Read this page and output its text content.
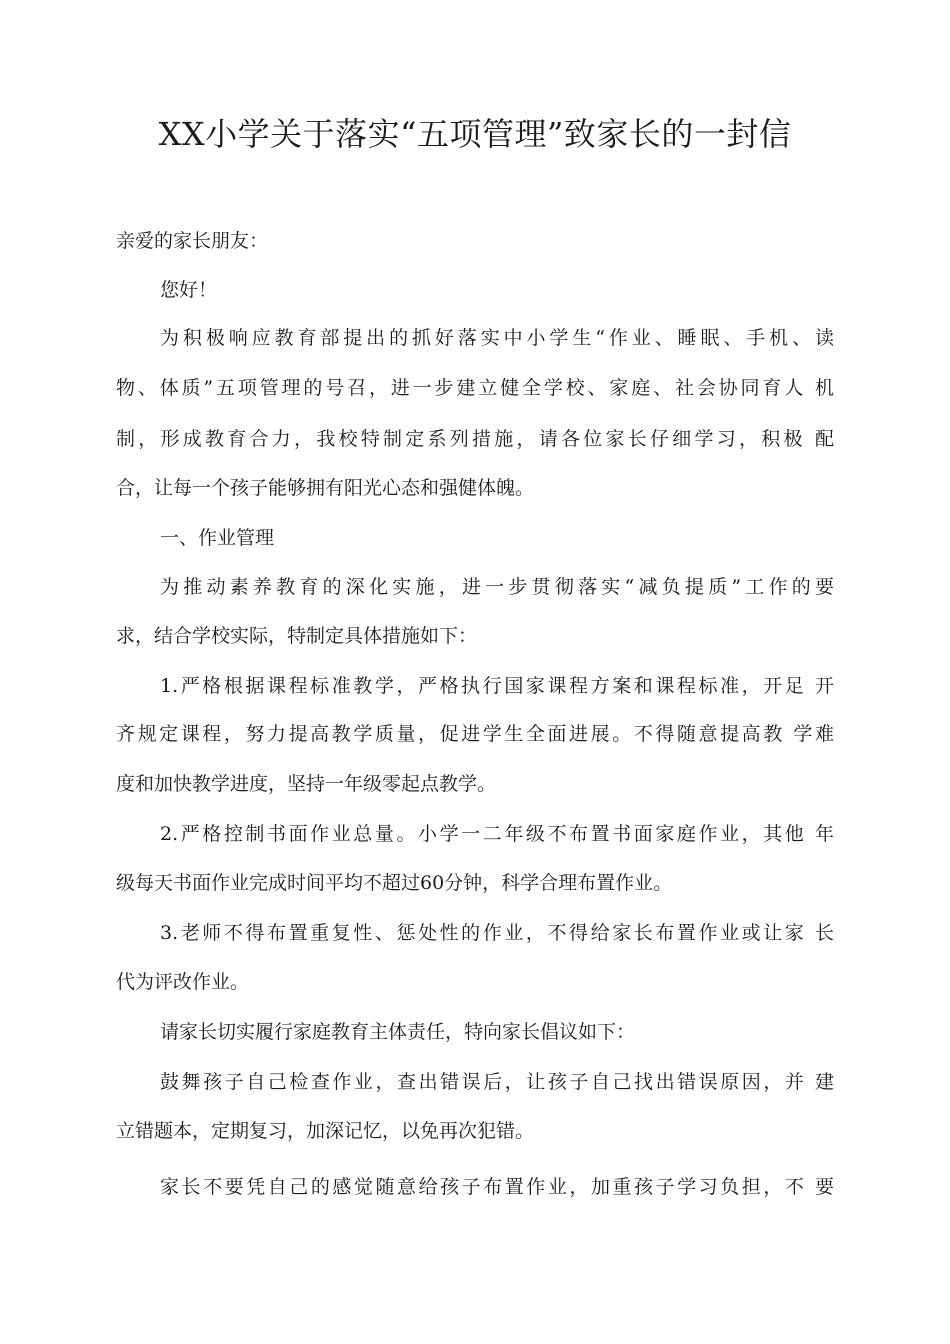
XX小学关于落实“五项管理”致家长的一封信
亲爱的家长朋友：
您好！
为积极响应教育部提出的抓好落实中小学生“作业、睡眠、手机、读
物、体质”五项管理的号召，进一步建立健全学校、家庭、社会协同育人 机
制，形成教育合力，我校特制定系列措施，请各位家长仔细学习，积极 配
合，让每一个孩子能够拥有阳光心态和强健体魄。
一、作业管理
为推动素养教育的深化实施，进一步贯彻落实“减负提质”工作的要
求，结合学校实际，特制定具体措施如下：
1.严格根据课程标准教学，严格执行国家课程方案和课程标准，开足 开
齐规定课程，努力提高教学质量，促进学生全面进展。不得随意提高教 学难
度和加快教学进度，坚持一年级零起点教学。
2.严格控制书面作业总量。小学一二年级不布置书面家庭作业，其他 年
级每天书面作业完成时间平均不超过60分钟，科学合理布置作业。
3.老师不得布置重复性、惩处性的作业，不得给家长布置作业或让家 长
代为评改作业。
请家长切实履行家庭教育主体责任，特向家长倡议如下：
鼓舞孩子自己检查作业，查出错误后，让孩子自己找出错误原因，并 建
立错题本，定期复习，加深记忆，以免再次犯错。
家长不要凭自己的感觉随意给孩子布置作业，加重孩子学习负担，不 要
